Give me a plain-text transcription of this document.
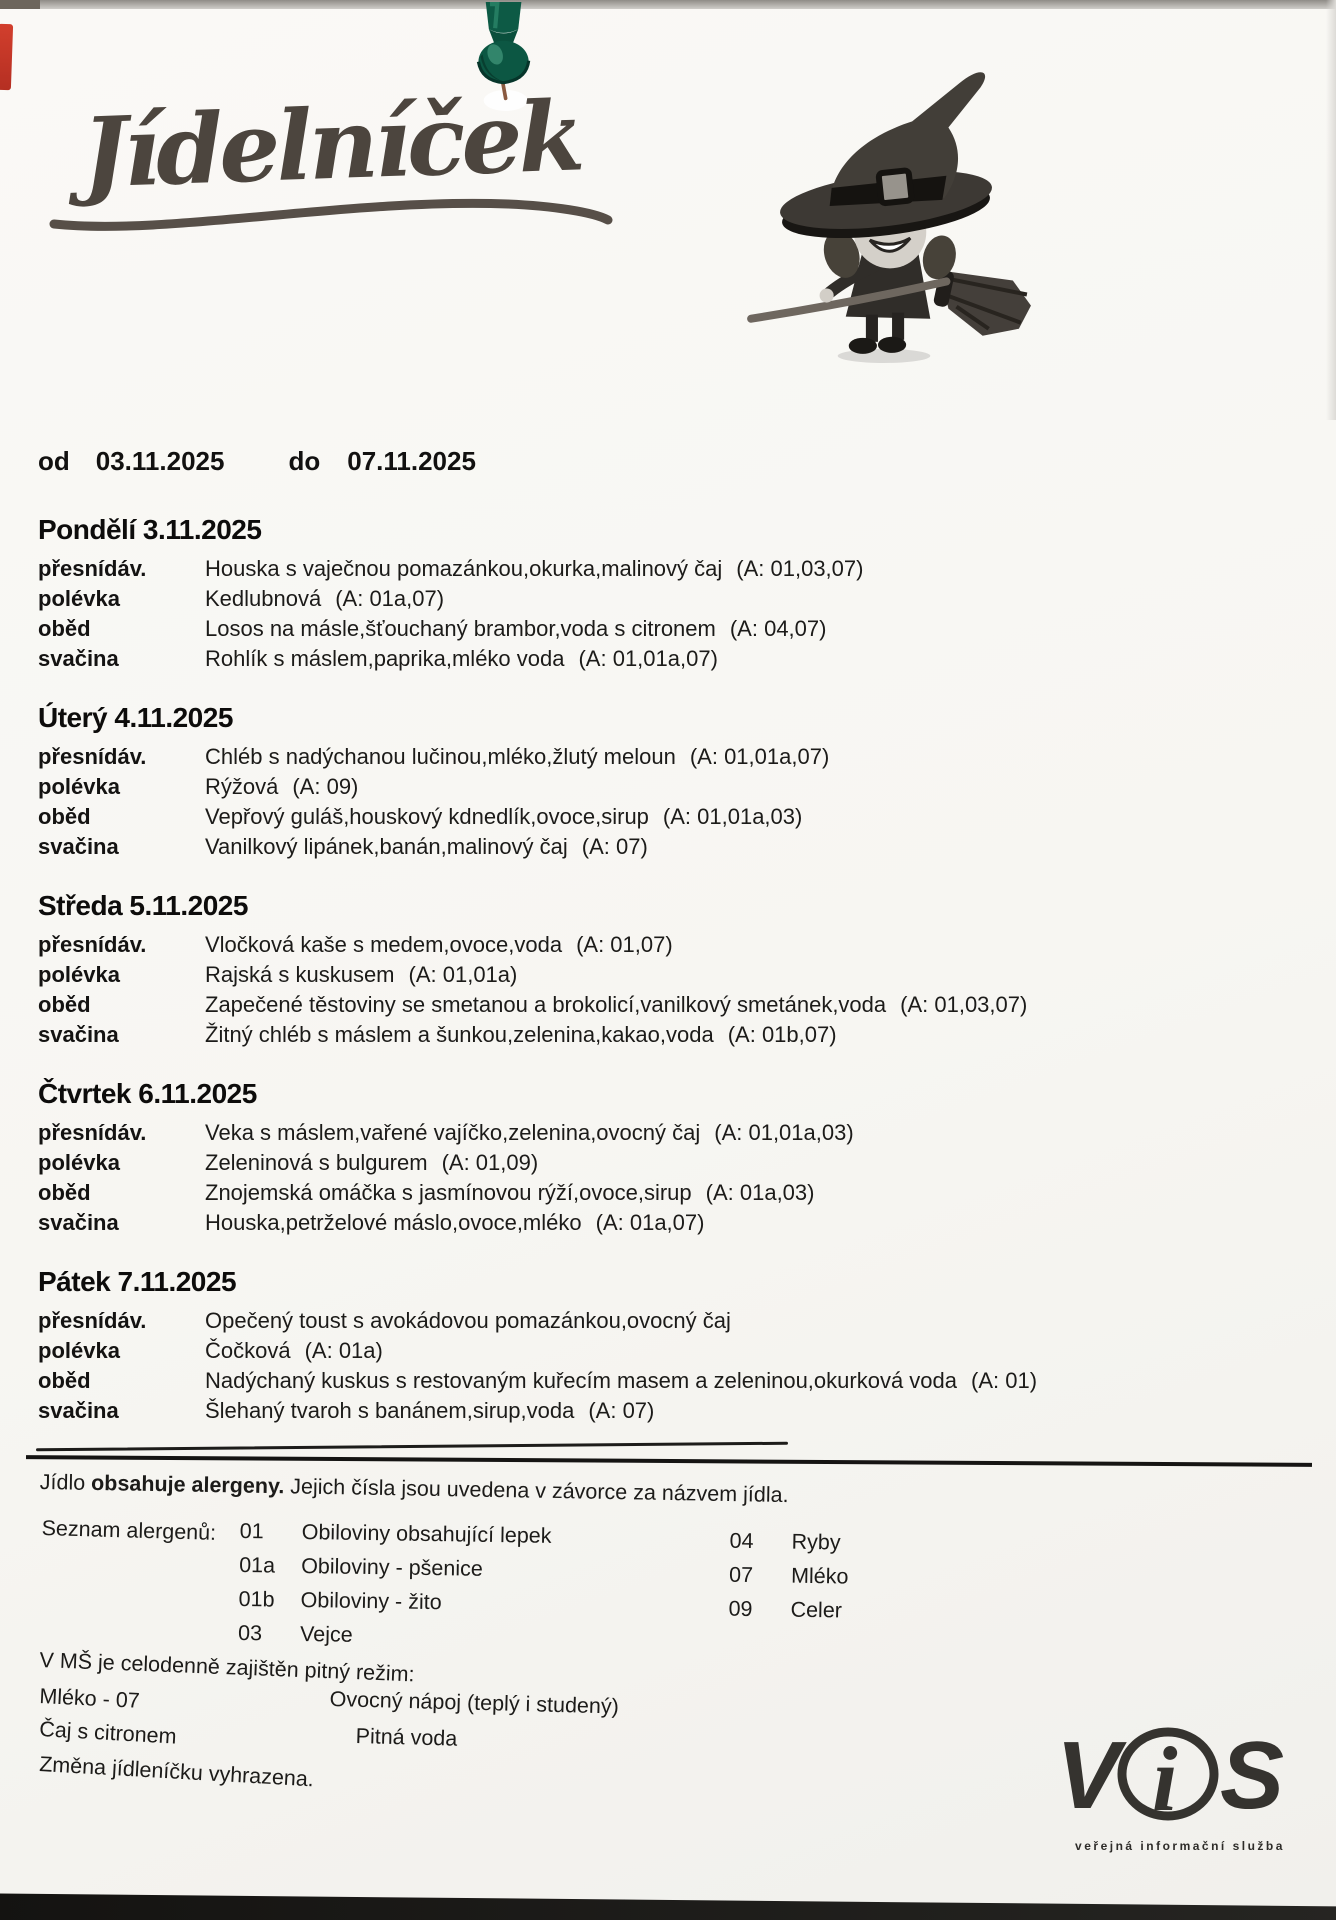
Jídelníček
od 03.11.2025 do 07.11.2025
Pondělí 3.11.2025
přesnídáv.	Houska s vaječnou pomazánkou,okurka,malinový čaj (A: 01,03,07)
polévka	Kedlubnová (A: 01a,07)
oběd	Losos na másle,šťouchaný brambor,voda s citronem (A: 04,07)
svačina	Rohlík s máslem,paprika,mléko voda (A: 01,01a,07)
Úterý 4.11.2025
přesnídáv.	Chléb s nadýchanou lučinou,mléko,žlutý meloun (A: 01,01a,07)
polévka	Rýžová (A: 09)
oběd	Vepřový guláš,houskový kdnedlík,ovoce,sirup (A: 01,01a,03)
svačina	Vanilkový lipánek,banán,malinový čaj (A: 07)
Středa 5.11.2025
přesnídáv.	Vločková kaše s medem,ovoce,voda (A: 01,07)
polévka	Rajská s kuskusem (A: 01,01a)
oběd	Zapečené těstoviny se smetanou a brokolicí,vanilkový smetánek,voda (A: 01,03,07)
svačina	Žitný chléb s máslem a šunkou,zelenina,kakao,voda (A: 01b,07)
Čtvrtek 6.11.2025
přesnídáv.	Veka s máslem,vařené vajíčko,zelenina,ovocný čaj (A: 01,01a,03)
polévka	Zeleninová s bulgurem (A: 01,09)
oběd	Znojemská omáčka s jasmínovou rýží,ovoce,sirup (A: 01a,03)
svačina	Houska,petrželové máslo,ovoce,mléko (A: 01a,07)
Pátek 7.11.2025
přesnídáv.	Opečený toust s avokádovou pomazánkou,ovocný čaj
polévka	Čočková (A: 01a)
oběd	Nadýchaný kuskus s restovaným kuřecím masem a zeleninou,okurková voda (A: 01)
svačina	Šlehaný tvaroh s banánem,sirup,voda (A: 07)
Jídlo obsahuje alergeny. Jejich čísla jsou uvedena v závorce za názvem jídla.
Seznam alergenů: 01 Obiloviny obsahující lepek
01a Obiloviny - pšenice
01b Obiloviny - žito
03 Vejce
04 Ryby
07 Mléko
09 Celer
V MŠ je celodenně zajištěn pitný režim:
Mléko - 07	Ovocný nápoj (teplý i studený)
Čaj s citronem	Pitná voda
Změna jídleníčku vyhrazena.	V i S
veřejná informační služba
